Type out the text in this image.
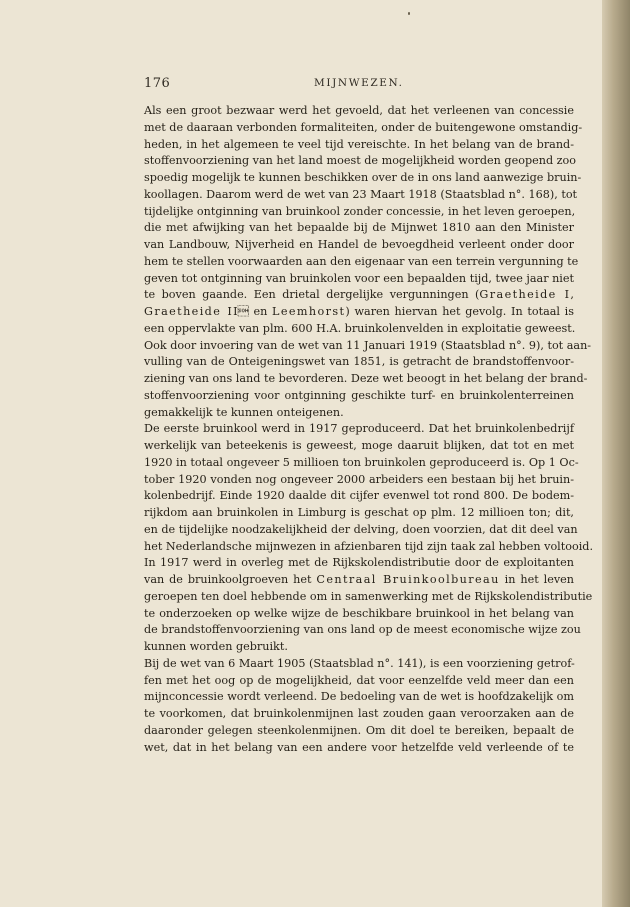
176	MIJNWEZEN.
Als een groot bezwaar werd het gevoeld, dat het verleenen van concessie
met de daaraan verbonden formaliteiten, onder de buitengewone omstandig-
heden, in het algemeen te veel tijd vereischte. In het belang van de brand-
stoffenvoorziening van het land moest de mogelijkheid worden geopend zoo
spoedig mogelijk te kunnen beschikken over de in ons land aanwezige bruin-
koollagen. Daarom werd de wet van 23 Maart 1918 (Staatsblad n°. 168), tot
tijdelijke ontginning van bruinkool zonder concessie, in het leven geroepen,
die met afwijking van het bepaalde bij de Mijnwet 1810 aan den Minister
van Landbouw, Nijverheid en Handel de bevoegdheid verleent onder door
hem te stellen voorwaarden aan den eigenaar van een terrein vergunning te
geven tot ontginning van bruinkolen voor een bepaalden tijd, twee jaar niet
te boven gaande. Een drietal dergelijke vergunningen (Graetheide I,
Graetheide II en Leemhorst) waren hiervan het gevolg. In totaal is
een oppervlakte van plm. 600 H.A. bruinkolenvelden in exploitatie geweest.
Ook door invoering van de wet van 11 Januari 1919 (Staatsblad n°. 9), tot aan-
vulling van de Onteigeningswet van 1851, is getracht de brandstoffenvoor-
ziening van ons land te bevorderen. Deze wet beoogt in het belang der brand-
stoffenvoorziening voor ontginning geschikte turf- en bruinkolenterreinen
gemakkelijk te kunnen onteigenen.
De eerste bruinkool werd in 1917 geproduceerd. Dat het bruinkolenbedrijf
werkelijk van beteekenis is geweest, moge daaruit blijken, dat tot en met
1920 in totaal ongeveer 5 millioen ton bruinkolen geproduceerd is. Op 1 Oc-
tober 1920 vonden nog ongeveer 2000 arbeiders een bestaan bij het bruin-
kolenbedrijf. Einde 1920 daalde dit cijfer evenwel tot rond 800. De bodem-
rijkdom aan bruinkolen in Limburg is geschat op plm. 12 millioen ton; dit,
en de tijdelijke noodzakelijkheid der delving, doen voorzien, dat dit deel van
het Nederlandsche mijnwezen in afzienbaren tijd zijn taak zal hebben voltooid.
In 1917 werd in overleg met de Rijkskolendistributie door de exploitanten
van de bruinkoolgroeven het Centraal Bruinkoolbureau in het leven
geroepen ten doel hebbende om in samenwerking met de Rijkskolendistributie
te onderzoeken op welke wijze de beschikbare bruinkool in het belang van
de brandstoffenvoorziening van ons land op de meest economische wijze zou
kunnen worden gebruikt.
Bij de wet van 6 Maart 1905 (Staatsblad n°. 141), is een voorziening getrof-
fen met het oog op de mogelijkheid, dat voor eenzelfde veld meer dan een
mijnconcessie wordt verleend. De bedoeling van de wet is hoofdzakelijk om
te voorkomen, dat bruinkolenmijnen last zouden gaan veroorzaken aan de
daaronder gelegen steenkolenmijnen. Om dit doel te bereiken, bepaalt de
wet, dat in het belang van een andere voor hetzelfde veld verleende of te
